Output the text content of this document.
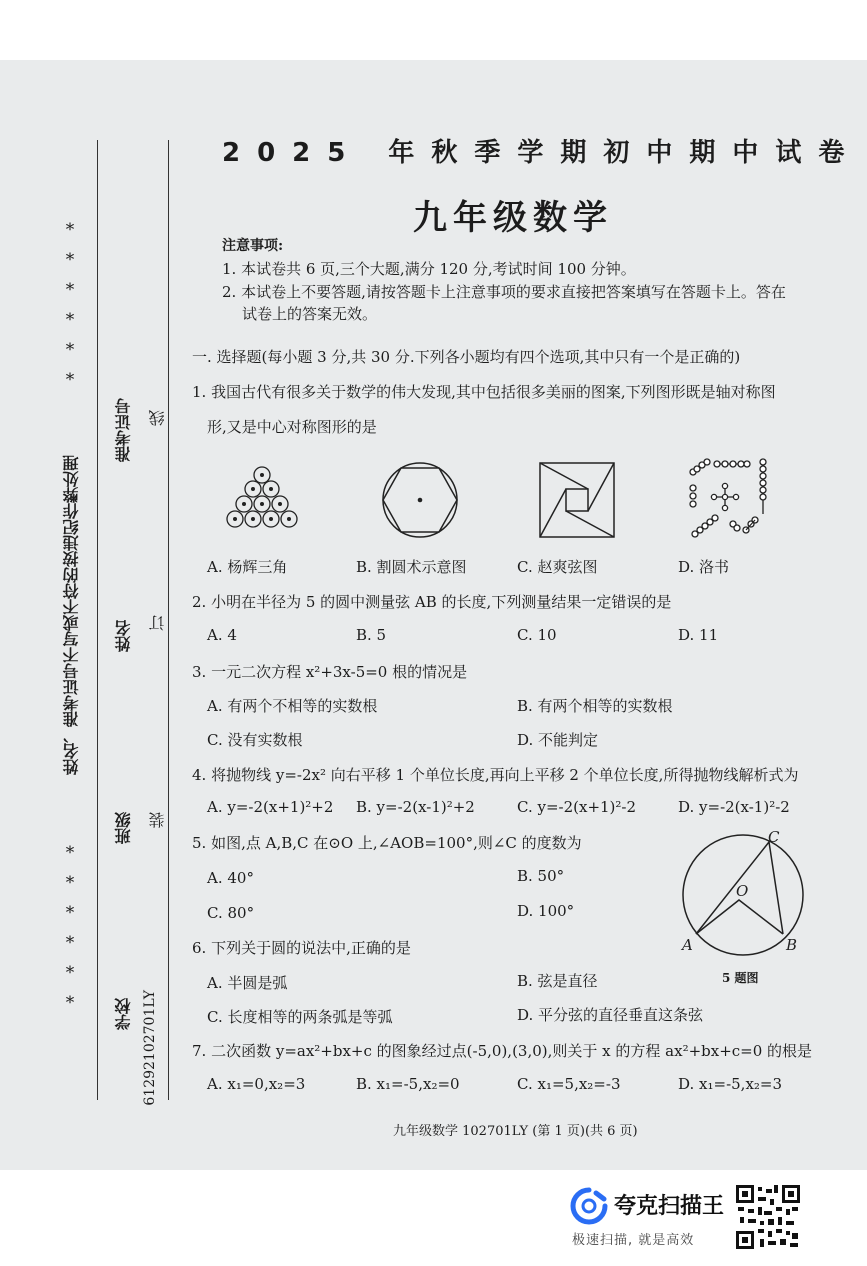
*
*
*
*
*
*
*
*
*
*
*
*
姓名、准考证号不写或不符的按违纪作弊处理
准考证号 线
姓名 订
班级 装
学校 61292102701LY
2025 年秋季学期初中期中试卷
九年级数学
注意事项:
1. 本试卷共 6 页,三个大题,满分 120 分,考试时间 100 分钟。
2. 本试卷上不要答题,请按答题卡上注意事项的要求直接把答案填写在答题卡上。答在
试卷上的答案无效。
一. 选择题(每小题 3 分,共 30 分.下列各小题均有四个选项,其中只有一个是正确的)
1. 我国古代有很多关于数学的伟大发现,其中包括很多美丽的图案,下列图形既是轴对称图
形,又是中心对称图形的是
A. 杨辉三角	B. 割圆术示意图	C. 赵爽弦图	D. 洛书
2. 小明在半径为 5 的圆中测量弦 AB 的长度,下列测量结果一定错误的是
A. 4	B. 5	C. 10	D. 11
3. 一元二次方程 x²+3x-5=0 根的情况是
A. 有两个不相等的实数根	B. 有两个相等的实数根
C. 没有实数根	D. 不能判定
4. 将抛物线 y=-2x² 向右平移 1 个单位长度,再向上平移 2 个单位长度,所得抛物线解析式为
A. y=-2(x+1)²+2 B. y=-2(x-1)²+2	C. y=-2(x+1)²-2	D. y=-2(x-1)²-2
5. 如图,点 A,B,C 在⊙O 上,∠AOB=100°,则∠C 的度数为
A. 40°	B. 50°
C. 80°	D. 100°
C
O
A	B
5 题图
6. 下列关于圆的说法中,正确的是
A. 半圆是弧	B. 弦是直径
C. 长度相等的两条弧是等弧	D. 平分弦的直径垂直这条弦
7. 二次函数 y=ax²+bx+c 的图象经过点(-5,0),(3,0),则关于 x 的方程 ax²+bx+c=0 的根是
A. x₁=0,x₂=3	B. x₁=-5,x₂=0	C. x₁=5,x₂=-3	D. x₁=-5,x₂=3
九年级数学 102701LY (第 1 页)(共 6 页)
夸克扫描王
极速扫描, 就是高效
